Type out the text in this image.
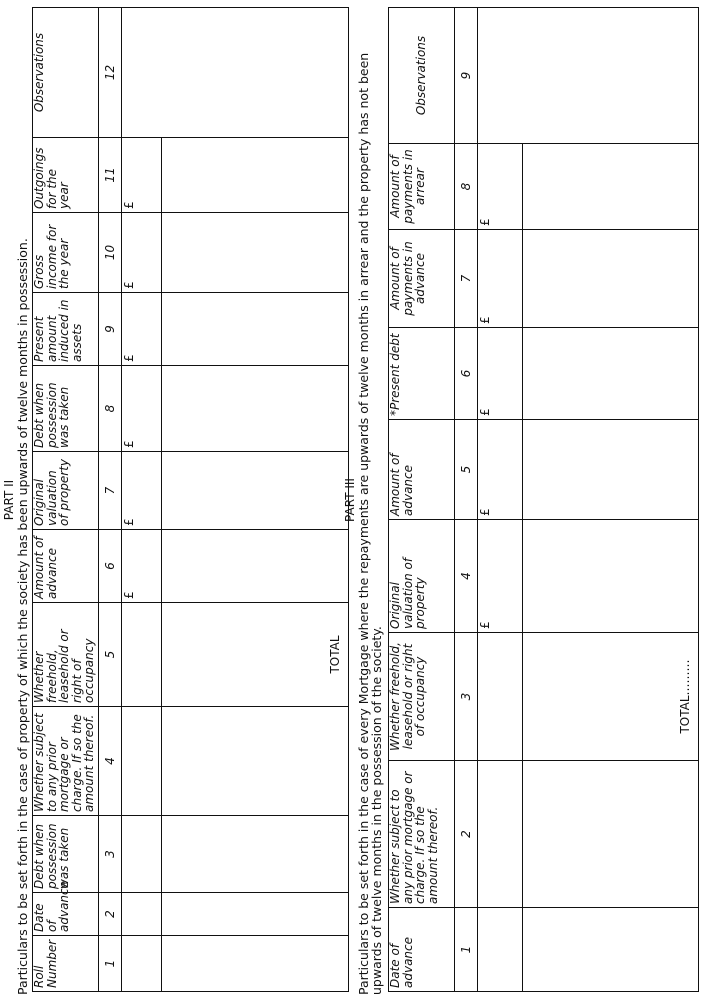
PART II Particulars to be set forth in the case of property of which the society has been upwards of twelve months in possession. Roll Number	Date of advance	Debt when possession was taken	Whether subject to any prior mortgage or charge. If so the amount thereof.	Whether freehold, leasehold or right of occupancy	Amount of advance	Original valuation of property	Debt when possession was taken	Present amount induced in assets	Gross income for the year	Outgoings for the year	Observations
1	2	3	4	5	6	7	8	9	10	11	12
					£	£	£	£	£	£	
				TOTAL							
PART III Particulars to be set forth in the case of every Mortgage where the repayments are upwards of twelve months in arrear and the property has not been upwards of twelve months in the possession of the society. Date of advance	Whether subject to any prior mortgage or charge. If so the amount thereof.	Whether freehold, leasehold or right of occupancy	Original valuation of property	Amount of advance	*Present debt	Amount of payments in advance	Amount of payments in arrear	Observations
1	2	3	4	5	6	7	8	9
			£	£	£	£	£	
		TOTAL………						
